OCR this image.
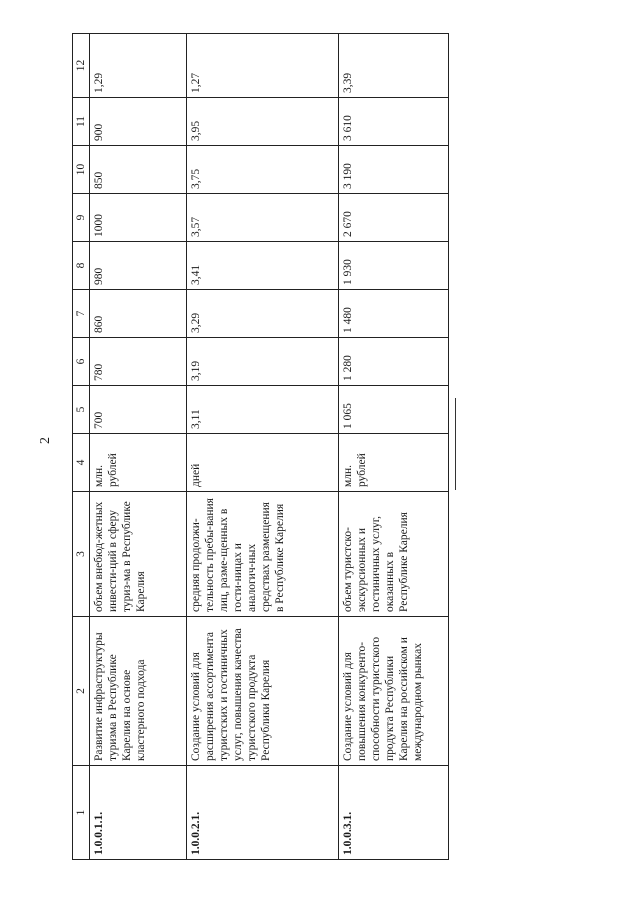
2
1	2	3	4	5	6	7	8	9	10	11	12
1.0.0.1.1.	Развитие инфраструктуры туризма в Республике Карелия на основе кластерного подхода	объем внебюд-жетных инвести-ций в сферу туриз-ма в Республике Карелия	млн. рублей	700	780	860	980	1000	850	900	1,29
1.0.0.2.1.	Создание условий для расширения ассортимента туристских и гостиничных услуг, повышения качества туристского продукта Республики Карелия	средняя продолжи-тельность пребы-вания лиц, разме-щенных в гости-ницах и аналогич-ных средствах размещения в Республике Карелия	дней	3,11	3,19	3,29	3,41	3,57	3,75	3,95	1,27
1.0.0.3.1.	Создание условий для повышения конкуренто-способности туристского продукта Республики Карелия на российском и международном рынках	объем туристско-экскурсионных и гостиничных услуг, оказанных в Республике Карелия	млн. рублей	1 065	1 280	1 480	1 930	2 670	3 190	3 610	3,39
